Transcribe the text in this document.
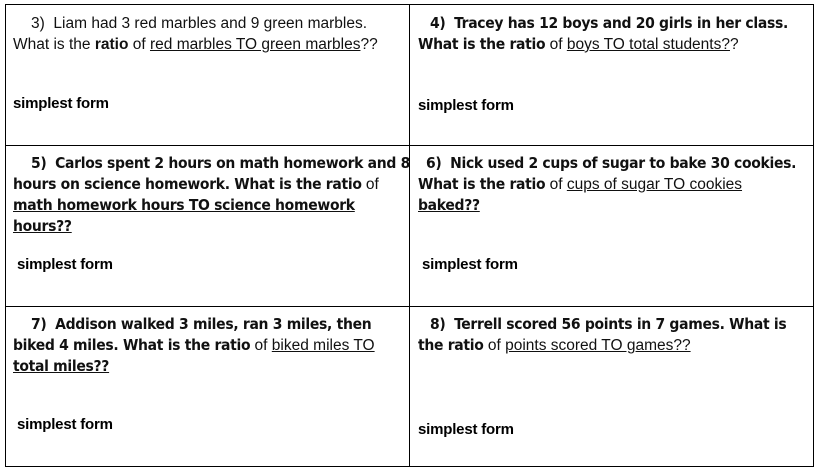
3) Liam had 3 red marbles and 9 green marbles.

What is the ratio of red marbles TO green marbles??

simplest form

4) Tracey has 12 boys and 20 girls in her class.

What is the ratio of boys TO total students??

simplest form

5) Carlos spent 2 hours on math homework and 8

hours on science homework. What is the ratio of

math homework hours TO science homework

hours??

simplest form

6) Nick used 2 cups of sugar to bake 30 cookies.

What is the ratio of cups of sugar TO cookies

baked??

simplest form

7) Addison walked 3 miles, ran 3 miles, then

biked 4 miles. What is the ratio of biked miles TO

total miles??

simplest form

8) Terrell scored 56 points in 7 games. What is

the ratio of points scored TO games??

simplest form
